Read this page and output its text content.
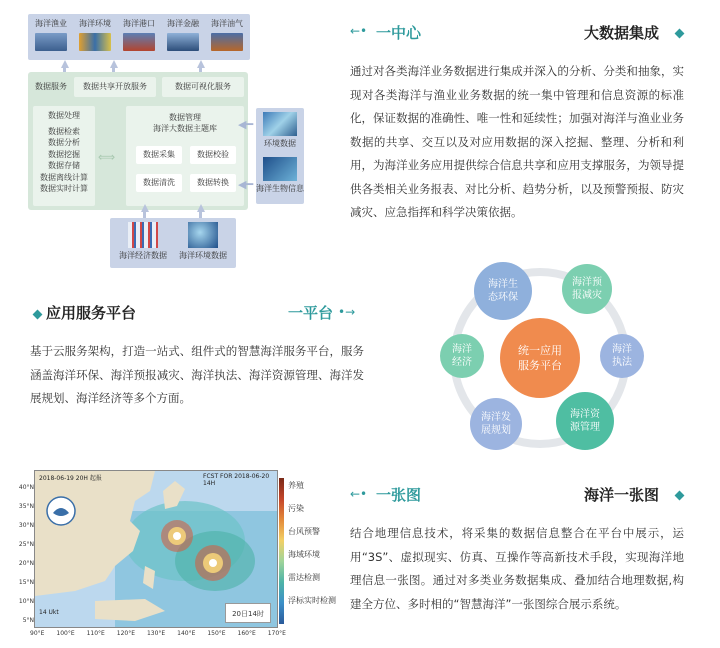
海洋渔业	海洋环境	海洋港口	海洋金融	海洋油气
数据服务	数据共享开放服务	数据可视化服务
数据处理
数据检索
数据分析
数据挖掘
数据存储
数据离线计算
数据实时计算
⟺
数据管理
海洋大数据主题库
数据采集	数据校验
数据清洗	数据转换
◀━
◀━
环境数据
海洋生物信息
海洋经济数据	海洋环境数据
←• 一中心	大数据集成
通过对各类海洋业务数据进行集成并深入的分析、分类和抽象，实现对各类海洋与渔业业务数据的统一集中管理和信息资源的标准化，保证数据的准确性、唯一性和延续性；加强对海洋与渔业业务数据的共享、交互以及对应用数据的深入挖掘、整理、分析和利用，为海洋业务应用提供综合信息共享和应用支撑服务，为领导提供各类相关业务报表、对比分析、趋势分析，以及预警预报、防灾减灾、应急指挥和科学决策依据。
应用服务平台	一平台 •→
基于云服务架构，打造一站式、组件式的智慧海洋服务平台，服务涵盖海洋环保、海洋预报减灾、海洋执法、海洋资源管理、海洋发展规划、海洋经济等多个方面。
统一应用
服务平台
海洋生
态环保
海洋预
报减灾
海洋
执法
海洋资
源管理
海洋发
展规划
海洋
经济
2018-06-19 20H 起报	FCST FOR 2018-06-20 14H
14 Ukt	20日14时
40°N
35°N
30°N
25°N
20°N
15°N
10°N
5°N
90°E 100°E 110°E 120°E 130°E 140°E 150°E 160°E 170°E
养殖
污染
台风预警
海域环境
雷达检测
浮标实时检测
←• 一张图	海洋一张图
结合地理信息技术，将采集的数据信息整合在平台中展示，运用“3S”、虚拟现实、仿真、互操作等高新技术手段，实现海洋地理信息一张图。通过对多类业务数据集成、叠加结合地理数据,构建全方位、多时相的“智慧海洋”一张图综合展示系统。
